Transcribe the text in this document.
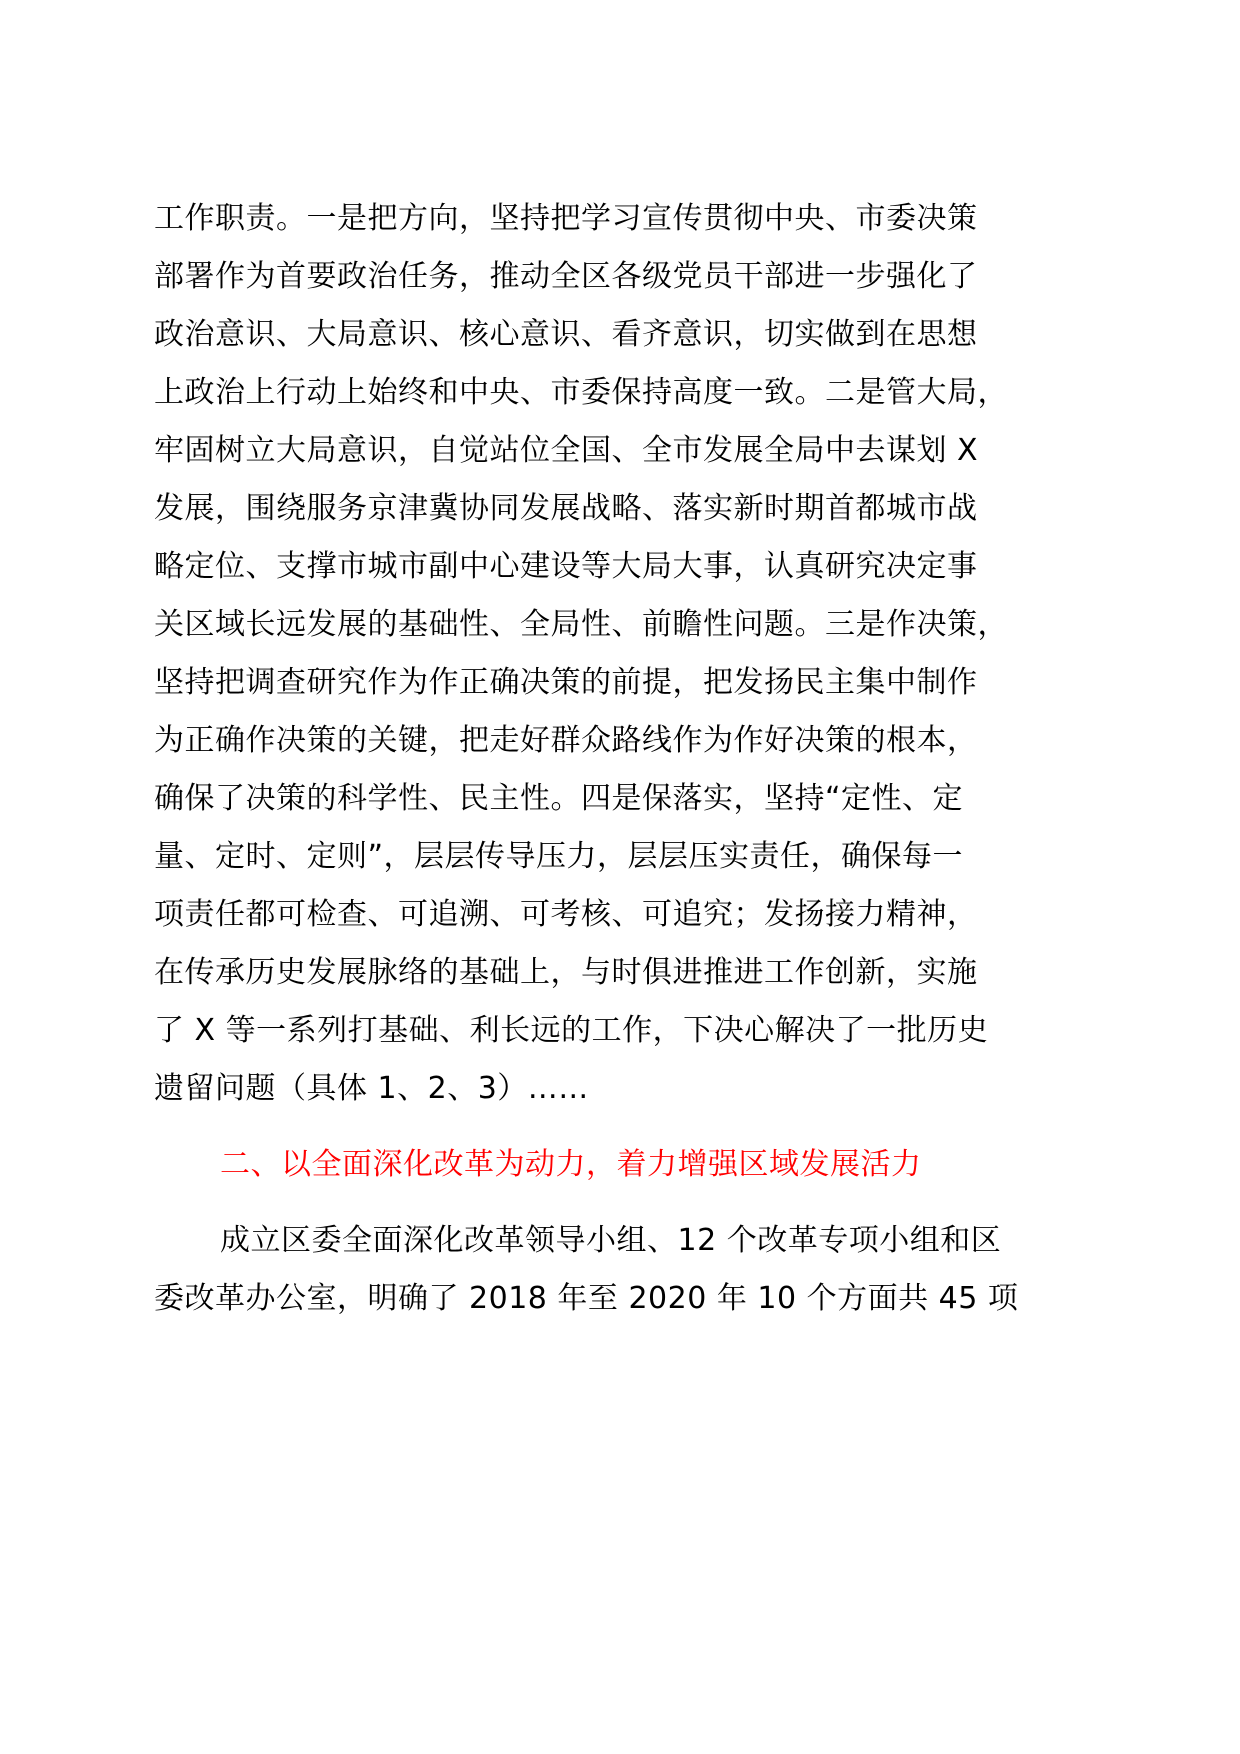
工作职责。一是把方向，坚持把学习宣传贯彻中央、市委决策
部署作为首要政治任务，推动全区各级党员干部进一步强化了
政治意识、大局意识、核心意识、看齐意识，切实做到在思想
上政治上行动上始终和中央、市委保持高度一致。二是管大局，
牢固树立大局意识，自觉站位全国、全市发展全局中去谋划 X
发展，围绕服务京津冀协同发展战略、落实新时期首都城市战
略定位、支撑市城市副中心建设等大局大事，认真研究决定事
关区域长远发展的基础性、全局性、前瞻性问题。三是作决策，
坚持把调查研究作为作正确决策的前提，把发扬民主集中制作
为正确作决策的关键，把走好群众路线作为作好决策的根本，
确保了决策的科学性、民主性。四是保落实，坚持“定性、定
量、定时、定则”，层层传导压力，层层压实责任，确保每一
项责任都可检查、可追溯、可考核、可追究；发扬接力精神，
在传承历史发展脉络的基础上，与时俱进推进工作创新，实施
了 X 等一系列打基础、利长远的工作，下决心解决了一批历史
遗留问题（具体 1、2、3）……
二、以全面深化改革为动力，着力增强区域发展活力
成立区委全面深化改革领导小组、12 个改革专项小组和区
委改革办公室，明确了 2018 年至 2020 年 10 个方面共 45 项
